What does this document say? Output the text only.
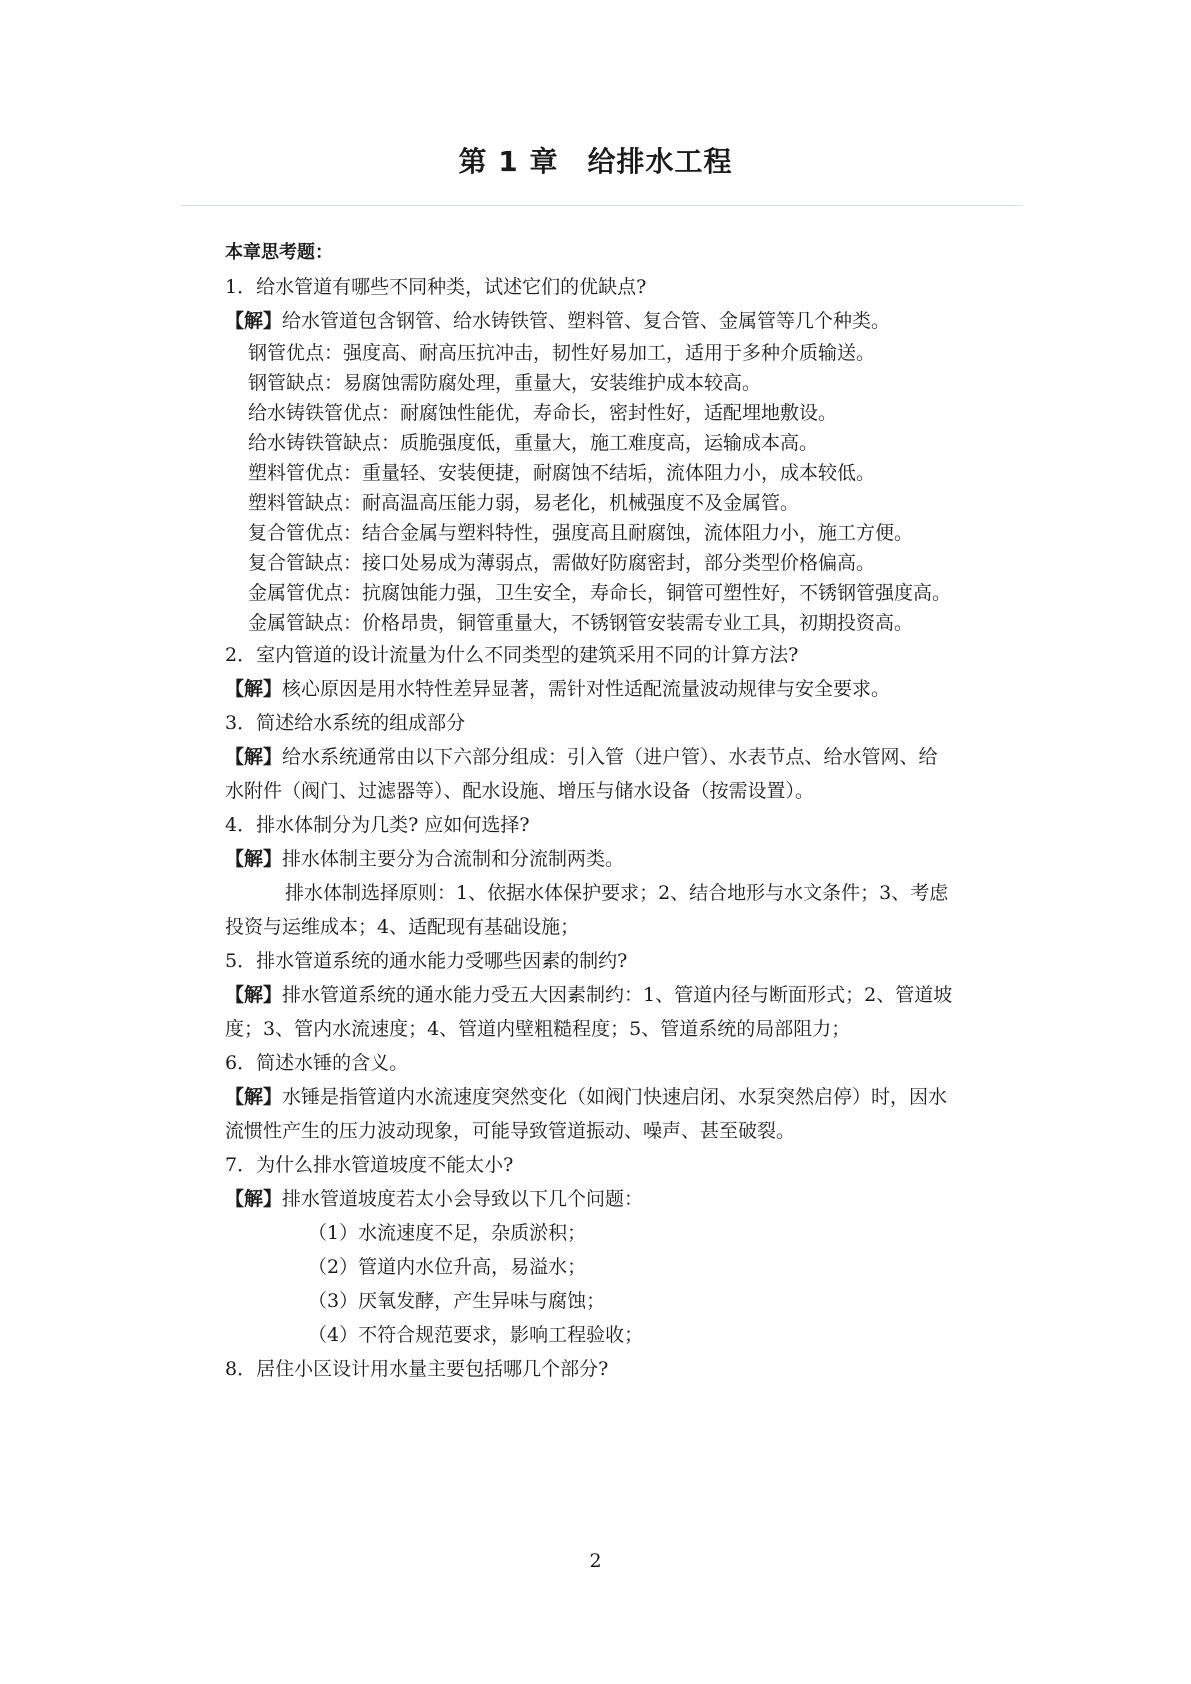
第 1 章　给排水工程
本章思考题：
1．给水管道有哪些不同种类，试述它们的优缺点?
【解】给水管道包含钢管、给水铸铁管、塑料管、复合管、金属管等几个种类。
钢管优点：强度高、耐高压抗冲击，韧性好易加工，适用于多种介质输送。
钢管缺点：易腐蚀需防腐处理，重量大，安装维护成本较高。
给水铸铁管优点：耐腐蚀性能优，寿命长，密封性好，适配埋地敷设。
给水铸铁管缺点：质脆强度低，重量大，施工难度高，运输成本高。
塑料管优点：重量轻、安装便捷，耐腐蚀不结垢，流体阻力小，成本较低。
塑料管缺点：耐高温高压能力弱，易老化，机械强度不及金属管。
复合管优点：结合金属与塑料特性，强度高且耐腐蚀，流体阻力小，施工方便。
复合管缺点：接口处易成为薄弱点，需做好防腐密封，部分类型价格偏高。
金属管优点：抗腐蚀能力强，卫生安全，寿命长，铜管可塑性好，不锈钢管强度高。
金属管缺点：价格昂贵，铜管重量大，不锈钢管安装需专业工具，初期投资高。
2．室内管道的设计流量为什么不同类型的建筑采用不同的计算方法?
【解】核心原因是用水特性差异显著，需针对性适配流量波动规律与安全要求。
3．简述给水系统的组成部分
【解】给水系统通常由以下六部分组成：引入管（进户管）、水表节点、给水管网、给
水附件（阀门、过滤器等）、配水设施、增压与储水设备（按需设置）。
4．排水体制分为几类? 应如何选择?
【解】排水体制主要分为合流制和分流制两类。
排水体制选择原则：1、依据水体保护要求；2、结合地形与水文条件；3、考虑
投资与运维成本；4、适配现有基础设施；
5．排水管道系统的通水能力受哪些因素的制约?
【解】排水管道系统的通水能力受五大因素制约：1、管道内径与断面形式；2、管道坡
度；3、管内水流速度；4、管道内壁粗糙程度；5、管道系统的局部阻力；
6．简述水锤的含义。
【解】水锤是指管道内水流速度突然变化（如阀门快速启闭、水泵突然启停）时，因水
流惯性产生的压力波动现象，可能导致管道振动、噪声、甚至破裂。
7．为什么排水管道坡度不能太小?
【解】排水管道坡度若太小会导致以下几个问题：
（1）水流速度不足，杂质淤积；
（2）管道内水位升高，易溢水；
（3）厌氧发酵，产生异味与腐蚀；
（4）不符合规范要求，影响工程验收；
8．居住小区设计用水量主要包括哪几个部分?
2
